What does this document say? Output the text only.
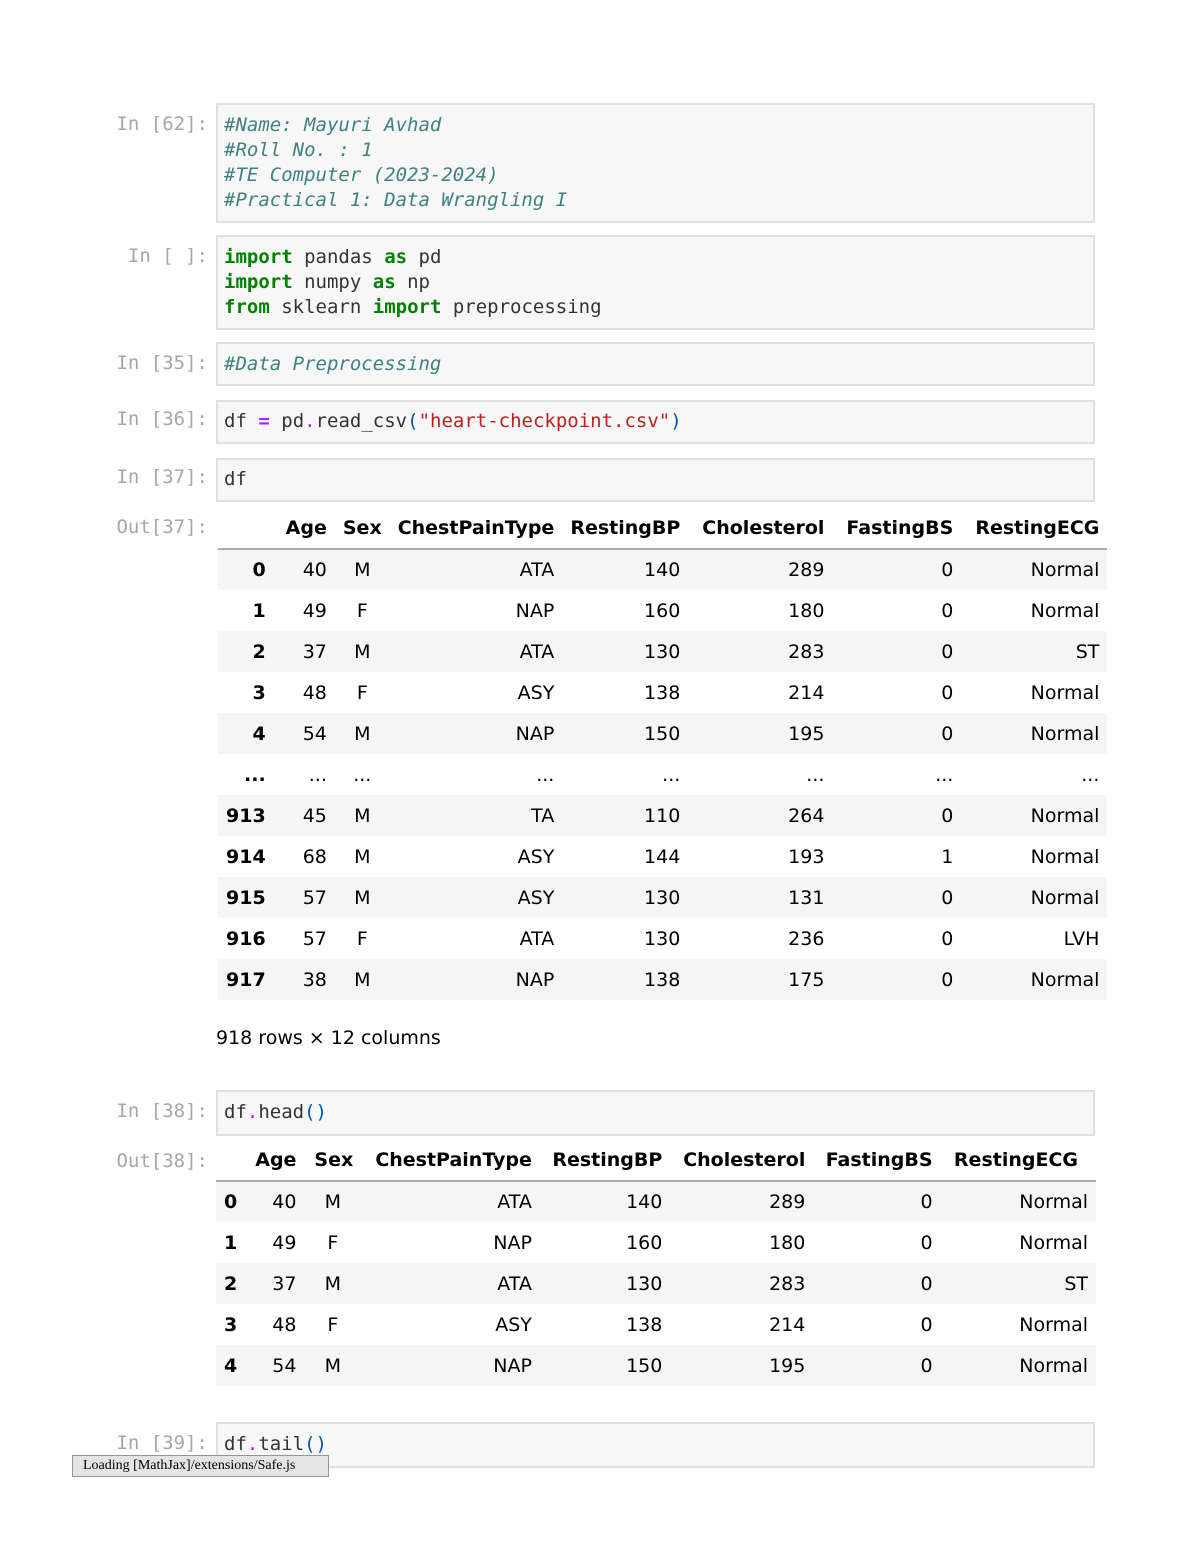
In [62]: #Name: Mayuri Avhad
#Roll No. : 1
#TE Computer (2023-2024)
#Practical 1: Data Wrangling I
In [ ]: import pandas as pd
import numpy as np
from sklearn import preprocessing
In [35]: #Data Preprocessing
In [36]: df = pd.read_csv("heart-checkpoint.csv")
In [37]: df
Out[37]:
		Age	Sex	ChestPainType	RestingBP	Cholesterol	FastingBS	RestingECG
0	40	M	ATA	140	289	0	Normal
1	49	F	NAP	160	180	0	Normal
2	37	M	ATA	130	283	0	ST
3	48	F	ASY	138	214	0	Normal
4	54	M	NAP	150	195	0	Normal
...	...	...	...	...	...	...	...
913	45	M	TA	110	264	0	Normal
914	68	M	ASY	144	193	1	Normal
915	57	M	ASY	130	131	0	Normal
916	57	F	ATA	130	236	0	LVH
917	38	M	NAP	138	175	0	Normal
918 rows × 12 columns
In [38]: df.head()
Out[38]:
	Age	Sex	ChestPainType	RestingBP	Cholesterol	FastingBS	RestingECG
0	40	M	ATA	140	289	0	Normal
1	49	F	NAP	160	180	0	Normal
2	37	M	ATA	130	283	0	ST
3	48	F	ASY	138	214	0	Normal
4	54	M	NAP	150	195	0	Normal
In [39]: df.tail()
Loading [MathJax]/extensions/Safe.js
